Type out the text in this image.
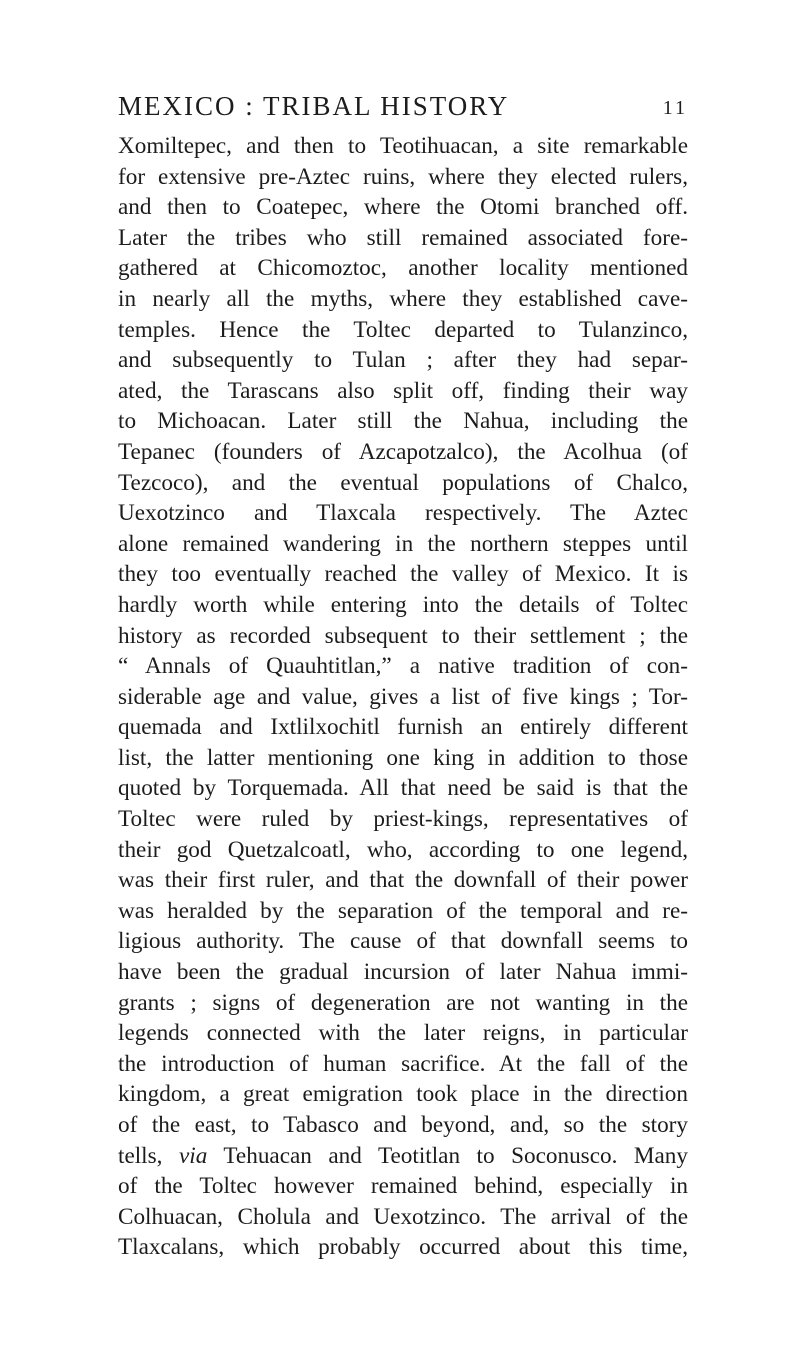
MEXICO : TRIBAL HISTORY	11
Xomiltepec, and then to Teotihuacan, a site remarkable
for extensive pre-Aztec ruins, where they elected rulers,
and then to Coatepec, where the Otomi branched off.
Later the tribes who still remained associated fore-
gathered at Chicomoztoc, another locality mentioned
in nearly all the myths, where they established cave-
temples. Hence the Toltec departed to Tulanzinco,
and subsequently to Tulan ; after they had separ-
ated, the Tarascans also split off, finding their way
to Michoacan. Later still the Nahua, including the
Tepanec (founders of Azcapotzalco), the Acolhua (of
Tezcoco), and the eventual populations of Chalco,
Uexotzinco and Tlaxcala respectively. The Aztec
alone remained wandering in the northern steppes until
they too eventually reached the valley of Mexico. It is
hardly worth while entering into the details of Toltec
history as recorded subsequent to their settlement ; the
“ Annals of Quauhtitlan,” a native tradition of con-
siderable age and value, gives a list of five kings ; Tor-
quemada and Ixtlilxochitl furnish an entirely different
list, the latter mentioning one king in addition to those
quoted by Torquemada. All that need be said is that the
Toltec were ruled by priest-kings, representatives of
their god Quetzalcoatl, who, according to one legend,
was their first ruler, and that the downfall of their power
was heralded by the separation of the temporal and re-
ligious authority. The cause of that downfall seems to
have been the gradual incursion of later Nahua immi-
grants ; signs of degeneration are not wanting in the
legends connected with the later reigns, in particular
the introduction of human sacrifice. At the fall of the
kingdom, a great emigration took place in the direction
of the east, to Tabasco and beyond, and, so the story
tells, via Tehuacan and Teotitlan to Soconusco. Many
of the Toltec however remained behind, especially in
Colhuacan, Cholula and Uexotzinco. The arrival of the
Tlaxcalans, which probably occurred about this time,
